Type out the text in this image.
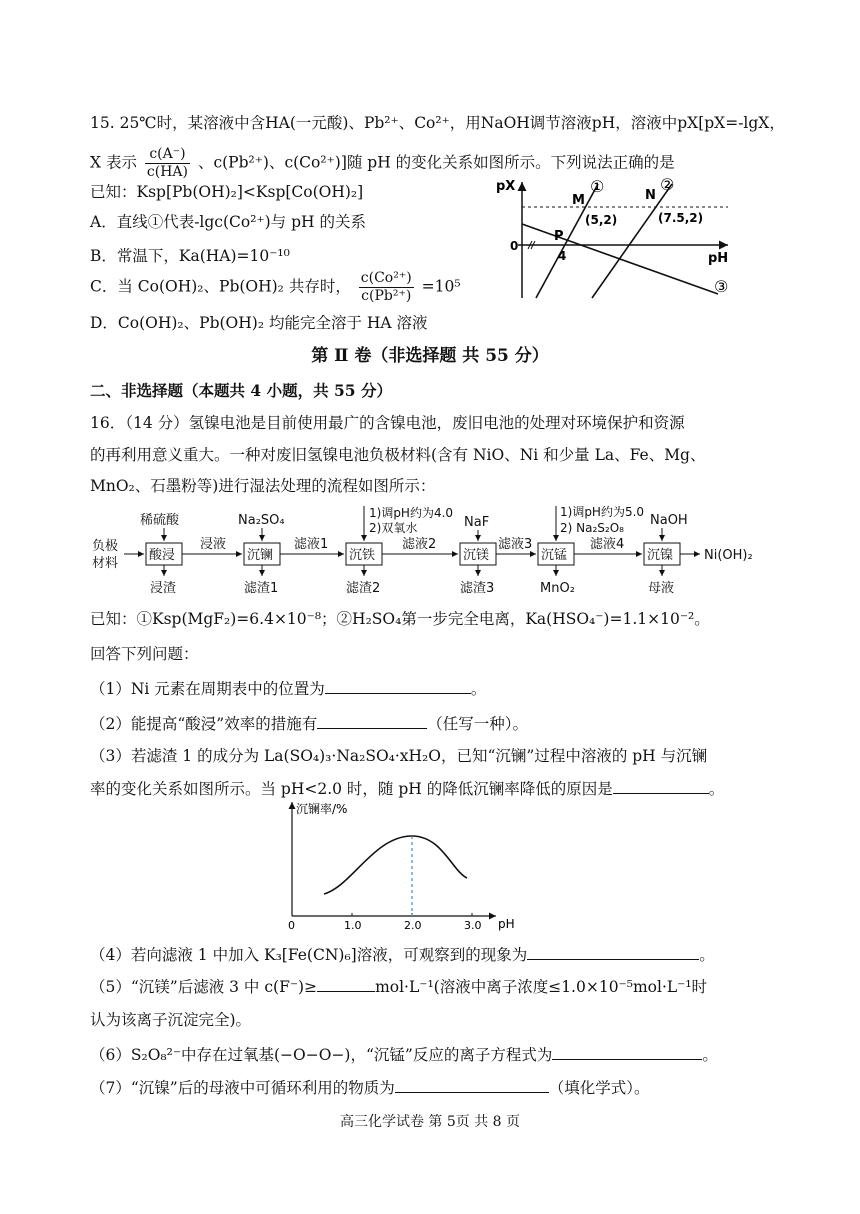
15. 25℃时，某溶液中含HA(一元酸)、Pb²⁺、Co²⁺，用NaOH调节溶液pH，溶液中pX[pX=-lgX，
X 表示 $\frac{c(A^-)}{c(HA)}$ 、c(Pb²⁺)、c(Co²⁺)]随 pH 的变化关系如图所示。下列说法正确的是
已知：Ksp[Pb(OH)₂]<Ksp[Co(OH)₂]
A．直线①代表-lgc(Co²⁺)与 pH 的关系
B．常温下，Ka(HA)=10⁻¹⁰
C．当 Co(OH)₂、Pb(OH)₂ 共存时， $\frac{\text{c(Co²⁺)}}{\text{c(Pb²⁺)}} =10^5$
D．Co(OH)₂、Pb(OH)₂ 均能完全溶于 HA 溶液
pX
pH
0
①	②
③
M	N
P
(5,2)	(7.5,2)
4
第 Ⅱ 卷（非选择题 共 55 分）
二、非选择题（本题共 4 小题，共 55 分）
16．（14 分）氢镍电池是目前使用最广的含镍电池，废旧电池的处理对环境保护和资源
的再利用意义重大。一种对废旧氢镍电池负极材料(含有 NiO、Ni 和少量 La、Fe、Mg、
MnO₂、石墨粉等)进行湿法处理的流程如图所示：
负极
材料
酸浸
稀硫酸
浸渣
浸液
沉镧
Na₂SO₄
滤渣1
滤液1
沉铁
1)调pH约为4.0
2)双氧水
滤渣2
滤液2
沉镁
NaF
滤渣3
滤液3
沉锰
1)调pH约为5.0
2) Na₂S₂O₈
MnO₂
滤液4
沉镍
NaOH
母液
Ni(OH)₂
已知：①Ksp(MgF₂)=6.4×10⁻⁸；②H₂SO₄第一步完全电离，Ka(HSO₄⁻)=1.1×10⁻²。
回答下列问题：
（1）Ni 元素在周期表中的位置为	。
（2）能提高“酸浸”效率的措施有	（任写一种）。
（3）若滤渣 1 的成分为 La(SO₄)₃·Na₂SO₄·xH₂O，已知“沉镧”过程中溶液的 pH 与沉镧
率的变化关系如图所示。当 pH<2.0 时，随 pH 的降低沉镧率降低的原因是	。
沉镧率/%
pH
0	1.0	2.0	3.0
（4）若向滤液 1 中加入 K₃[Fe(CN)₆]溶液，可观察到的现象为	。
（5）“沉镁”后滤液 3 中 c(F⁻)≥	mol·L⁻¹(溶液中离子浓度≤1.0×10⁻⁵mol·L⁻¹时
认为该离子沉淀完全)。
（6）S₂O₈²⁻中存在过氧基(−O−O−)，“沉锰”反应的离子方程式为	。
（7）“沉镍”后的母液中可循环利用的物质为	（填化学式）。
高三化学试卷 第 5页 共 8 页
